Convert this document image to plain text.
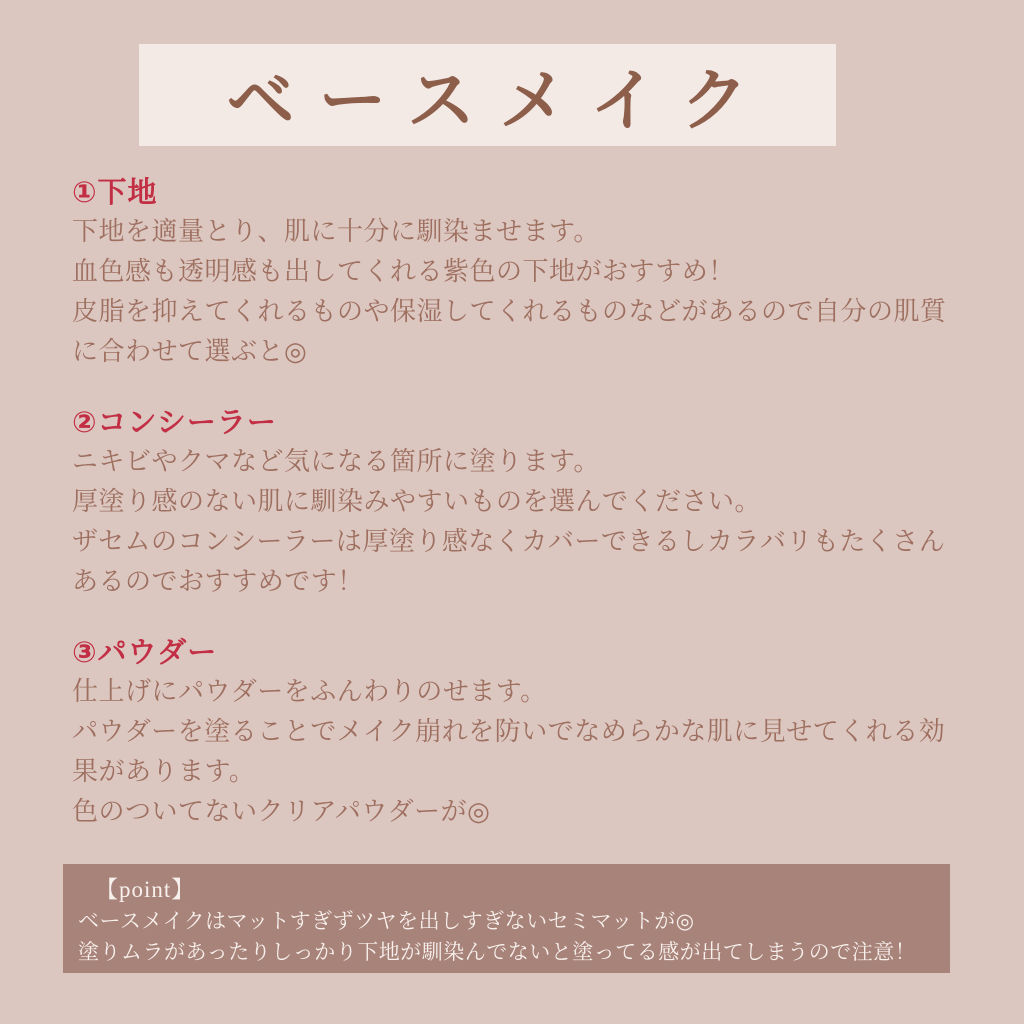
ベースメイク
①下地
下地を適量とり、肌に十分に馴染ませます。
血色感も透明感も出してくれる紫色の下地がおすすめ！
皮脂を抑えてくれるものや保湿してくれるものなどがあるので自分の肌質
に合わせて選ぶと◎
②コンシーラー
ニキビやクマなど気になる箇所に塗ります。
厚塗り感のない肌に馴染みやすいものを選んでください。
ザセムのコンシーラーは厚塗り感なくカバーできるしカラバリもたくさん
あるのでおすすめです！
③パウダー
仕上げにパウダーをふんわりのせます。
パウダーを塗ることでメイク崩れを防いでなめらかな肌に見せてくれる効
果があります。
色のついてないクリアパウダーが◎
【point】
ベースメイクはマットすぎずツヤを出しすぎないセミマットが◎
塗りムラがあったりしっかり下地が馴染んでないと塗ってる感が出てしまうので注意！
